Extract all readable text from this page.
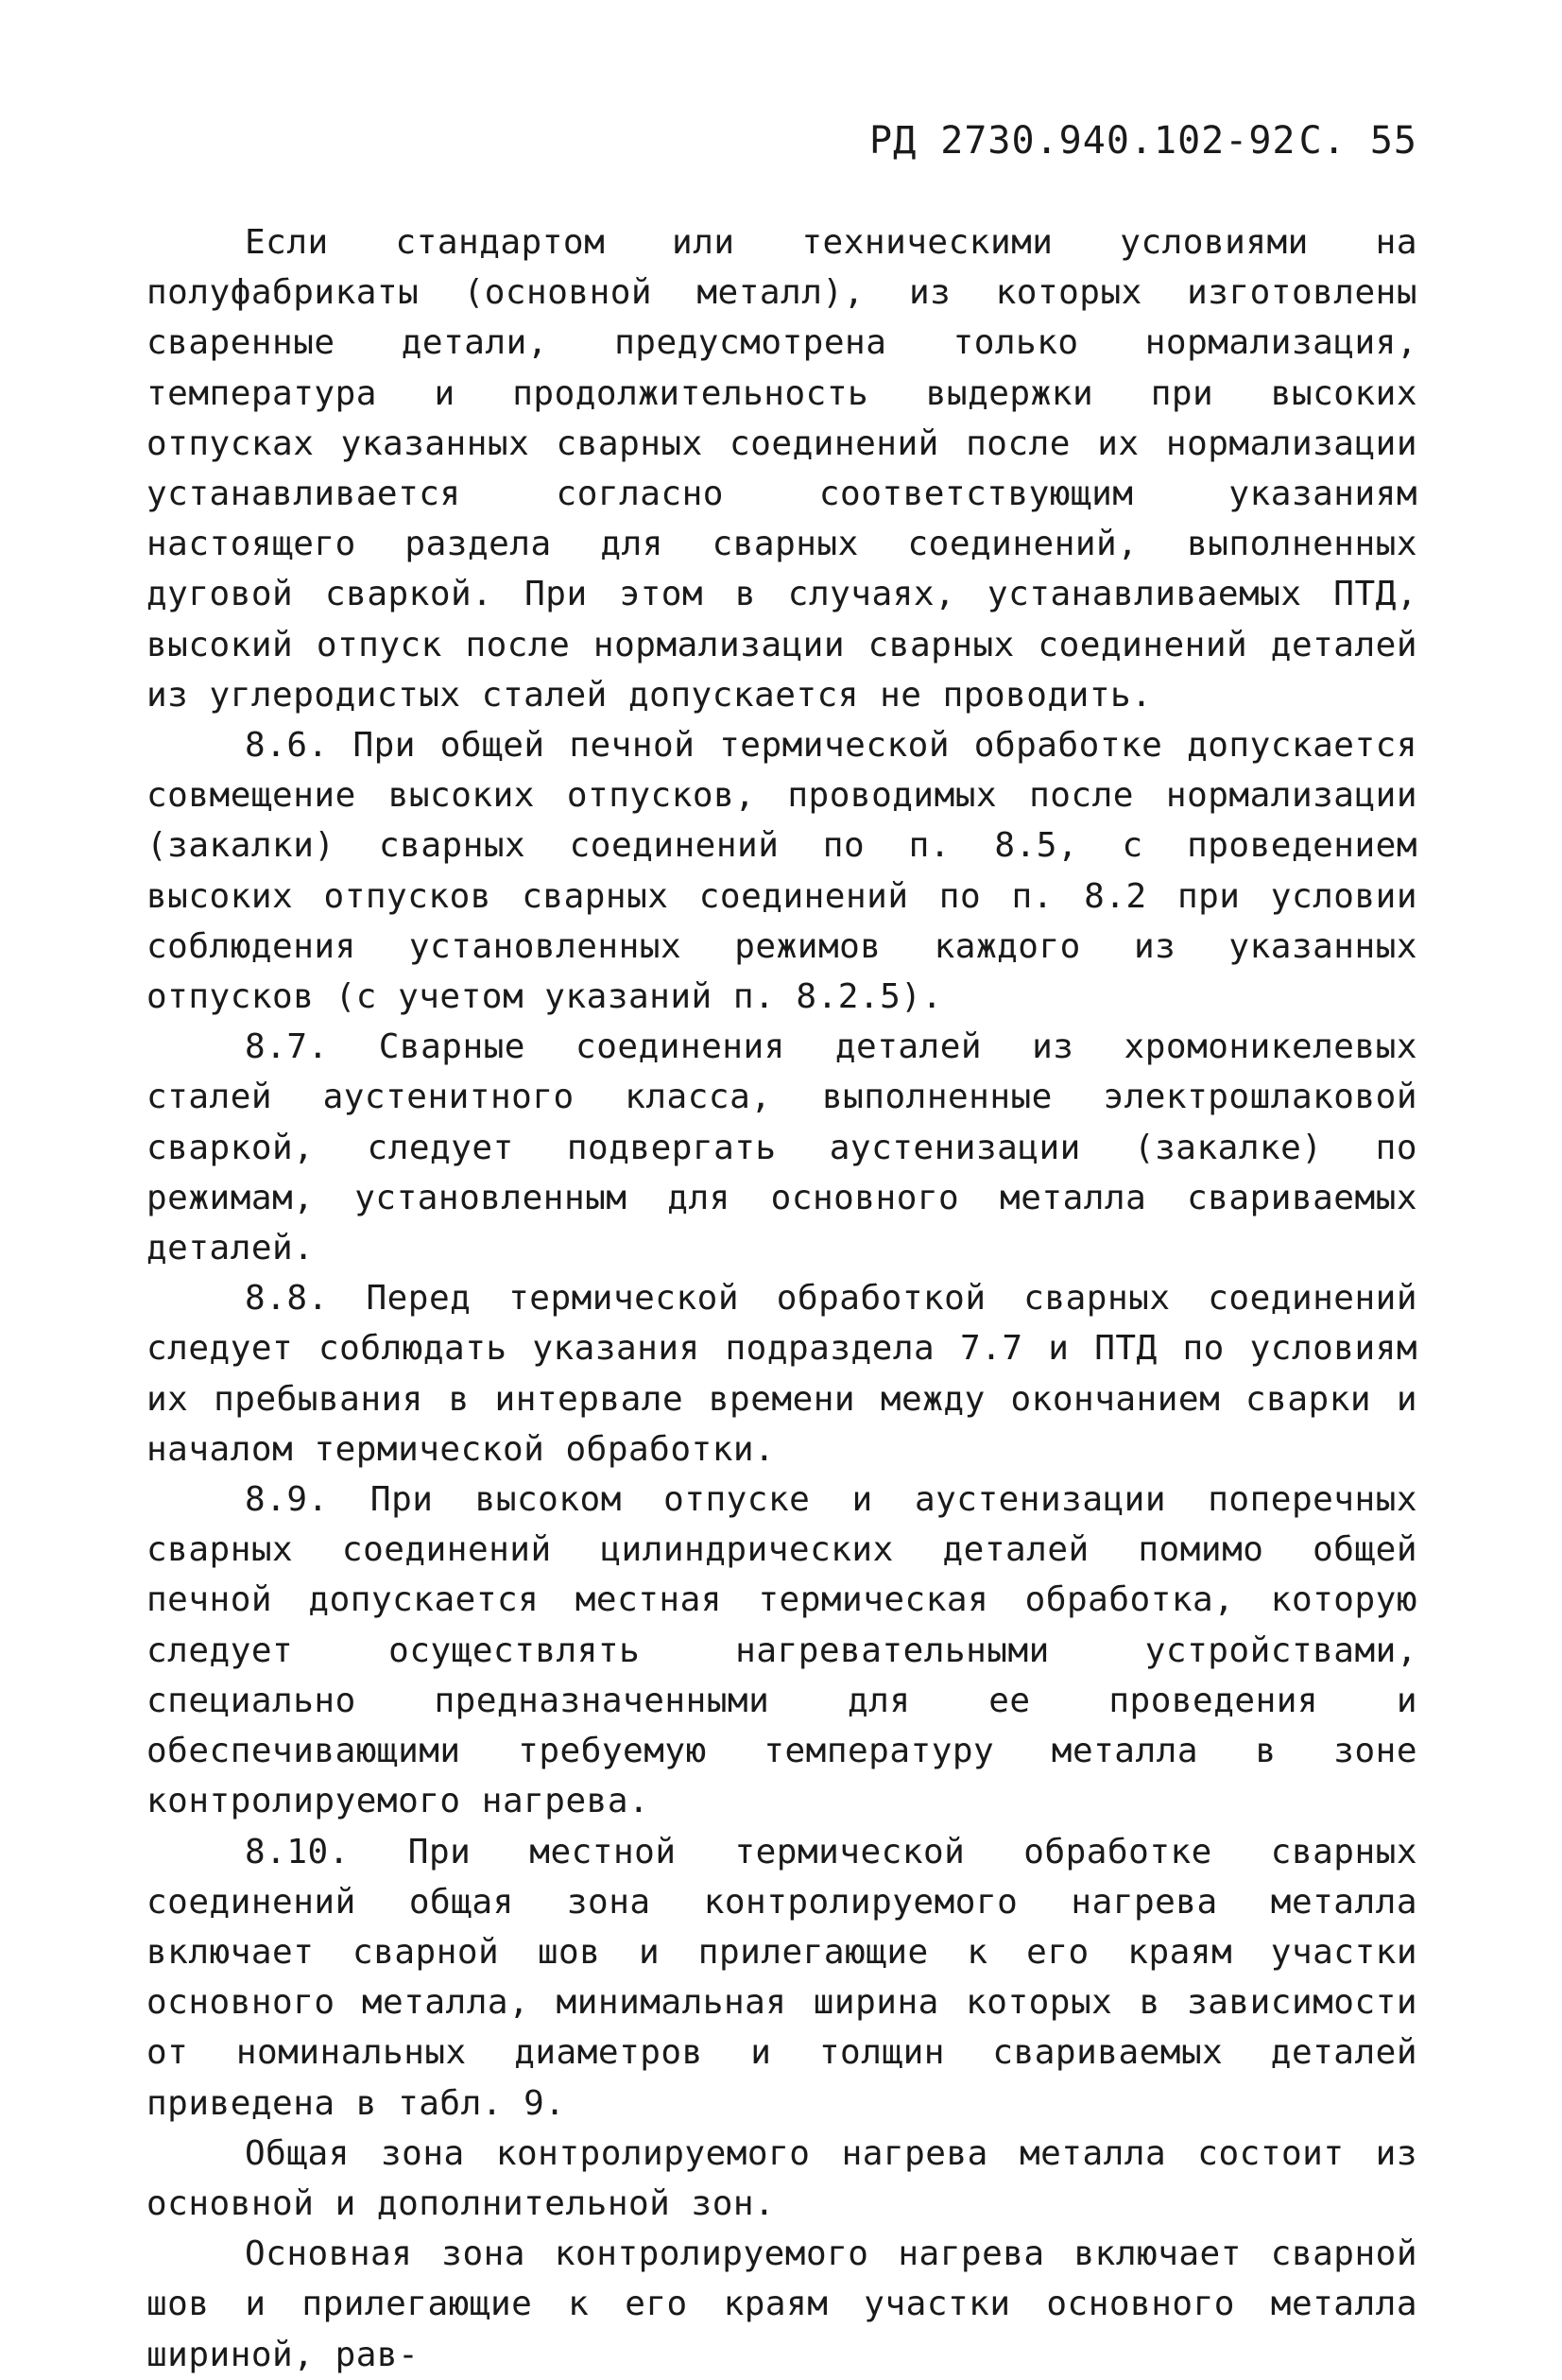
РД 2730.940.102-92 С. 55

Если стандартом или техническими условиями на полуфабрикаты (основной металл), из которых изготовлены сваренные детали, предусмотрена только нормализация, температура и продолжительность выдержки при высоких отпусках указанных сварных соединений после их нормализации устанавливается согласно соответствующим указаниям настоящего раздела для сварных соединений, выполненных дуговой сваркой. При этом в случаях, устанавливаемых ПТД, высокий отпуск после нормализации сварных соединений деталей из углеродистых сталей допускается не проводить.

8.6. При общей печной термической обработке допускается совмещение высоких отпусков, проводимых после нормализации (закалки) сварных соединений по п. 8.5, с проведением высоких отпусков сварных соединений по п. 8.2 при условии соблюдения установленных режимов каждого из указанных отпусков (с учетом указаний п. 8.2.5).

8.7. Сварные соединения деталей из хромоникелевых сталей аустенитного класса, выполненные электрошлаковой сваркой, следует подвергать аустенизации (закалке) по режимам, установленным для основного металла свариваемых деталей.

8.8. Перед термической обработкой сварных соединений следует соблюдать указания подраздела 7.7 и ПТД по условиям их пребывания в интервале времени между окончанием сварки и началом термической обработки.

8.9. При высоком отпуске и аустенизации поперечных сварных соединений цилиндрических деталей помимо общей печной допускается местная термическая обработка, которую следует осуществлять нагревательными устройствами, специально предназначенными для ее проведения и обеспечивающими требуемую температуру металла в зоне контролируемого нагрева.

8.10. При местной термической обработке сварных соединений общая зона контролируемого нагрева металла включает сварной шов и прилегающие к его краям участки основного металла, минимальная ширина которых в зависимости от номинальных диаметров и толщин свариваемых деталей приведена в табл. 9.

Общая зона контролируемого нагрева металла состоит из основной и дополнительной зон.

Основная зона контролируемого нагрева включает сварной шов и прилегающие к его краям участки основного металла шириной, рав-
